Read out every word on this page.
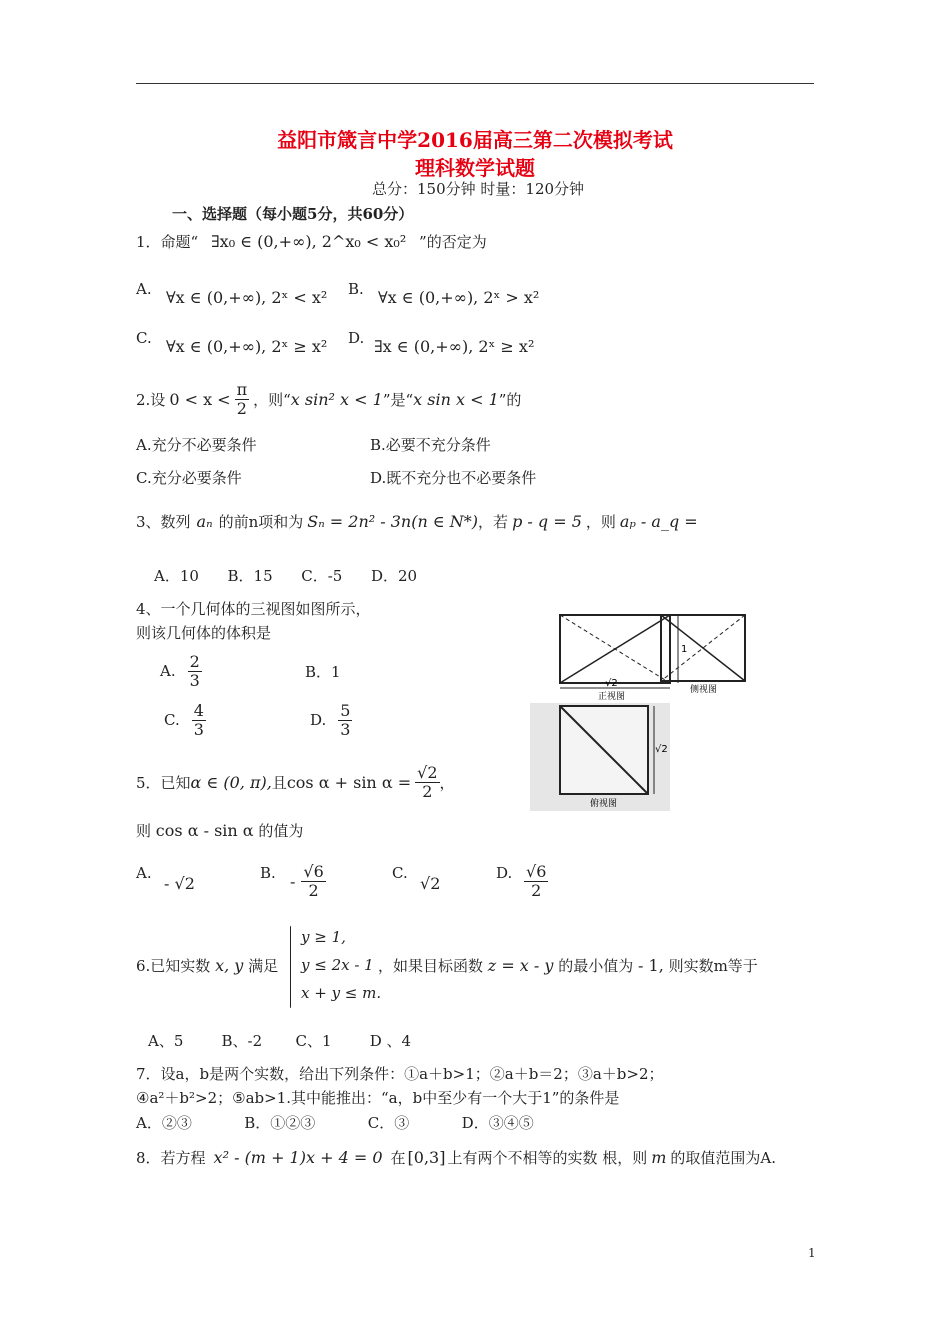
益阳市箴言中学2016届高三第二次模拟考试
理科数学试题
总分：150分钟 时量：120分钟
一、选择题（每小题5分，共60分）
1．命题“ ∃x₀ ∈ (0,+∞), 2^x₀ < x₀² ”的否定为
A. ∀x ∈ (0,+∞), 2ˣ < x² B. ∀x ∈ (0,+∞), 2ˣ > x²
C. ∀x ∈ (0,+∞), 2ˣ ≥ x² D. ∃x ∈ (0,+∞), 2ˣ ≥ x²
2.设 $0 < x < \frac{\pi}{2}$ ，则“ x sin² x < 1 ”是“ x sin x < 1 ”的
A.充分不必要条件	B.必要不充分条件
C.充分必要条件	D.既不充分也不必要条件
3、数列 aₙ 的前n项和为 Sₙ = 2n² - 3n(n ∈ N*) ，若 p - q = 5 ，则 aₚ - a_q =
A．10      B．15      C．-5      D．20
4、一个几何体的三视图如图所示，
则该几何体的体积是
A. $\frac{2}{3}$	B．1
C. $\frac{4}{3}$	D. $\frac{5}{3}$
1
√2
正视图
侧视图
√2
俯视图
5．已知 α ∈ (0, π), 且 $\cos \alpha + \sin \alpha = \frac{√2}{2}$ ，
则 cos α - sin α 的值为
A.
- √2
B. - $\frac{√6}{2}$	C.
√2
D. $\frac{√6}{2}$
6.已知实数 x, y 满足
y ≥ 1,
y ≤ 2x - 1
x + y ≤ m.
，如果目标函数 z = x - y 的最小值为 - 1, 则实数m等于
A、5        B、-2       C、1        D 、4
7．设a，b是两个实数，给出下列条件：①a＋b>1；②a＋b＝2；③a＋b>2；
④a²＋b²>2；⑤ab>1.其中能推出：“a，b中至少有一个大于1”的条件是
A．②③           B．①②③           C．③           D．③④⑤
8．若方程 x² - (m + 1)x + 4 = 0 在 [0,3] 上有两个不相等的实数 根，则 m 的取值范围为A.
1
